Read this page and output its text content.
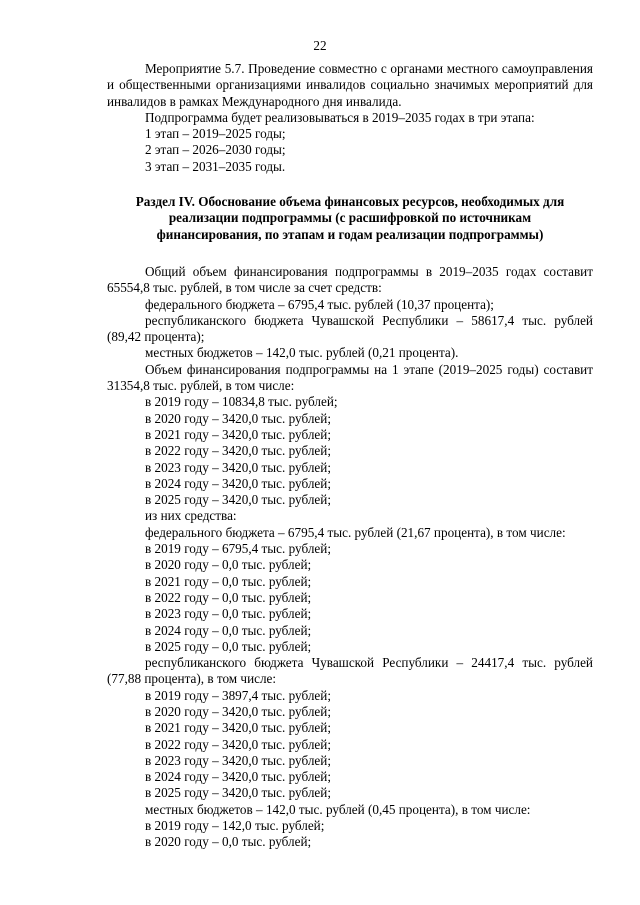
22

Мероприятие 5.7. Проведение совместно с органами местного самоуправления и общественными организациями инвалидов социально значимых мероприятий для инвалидов в рамках Международного дня инвалида.

Подпрограмма будет реализовываться в 2019–2035 годах в три этапа:

1 этап – 2019–2025 годы;

2 этап – 2026–2030 годы;

3 этап – 2031–2035 годы.

Раздел IV. Обоснование объема финансовых ресурсов, необходимых для реализации подпрограммы (с расшифровкой по источникам финансирования, по этапам и годам реализации подпрограммы)

Общий объем финансирования подпрограммы в 2019–2035 годах составит 65554,8 тыс. рублей, в том числе за счет средств:

федерального бюджета – 6795,4 тыс. рублей (10,37 процента);

республиканского бюджета Чувашской Республики – 58617,4 тыс. рублей (89,42 процента);

местных бюджетов – 142,0 тыс. рублей (0,21 процента).

Объем финансирования подпрограммы на 1 этапе (2019–2025 годы) составит 31354,8 тыс. рублей, в том числе:

в 2019 году – 10834,8 тыс. рублей;

в 2020 году – 3420,0 тыс. рублей;

в 2021 году – 3420,0 тыс. рублей;

в 2022 году – 3420,0 тыс. рублей;

в 2023 году – 3420,0 тыс. рублей;

в 2024 году – 3420,0 тыс. рублей;

в 2025 году – 3420,0 тыс. рублей;

из них средства:

федерального бюджета – 6795,4 тыс. рублей (21,67 процента), в том числе:

в 2019 году – 6795,4 тыс. рублей;

в 2020 году – 0,0 тыс. рублей;

в 2021 году – 0,0 тыс. рублей;

в 2022 году – 0,0 тыс. рублей;

в 2023 году – 0,0 тыс. рублей;

в 2024 году – 0,0 тыс. рублей;

в 2025 году – 0,0 тыс. рублей;

республиканского бюджета Чувашской Республики – 24417,4 тыс. рублей (77,88 процента), в том числе:

в 2019 году – 3897,4 тыс. рублей;

в 2020 году – 3420,0 тыс. рублей;

в 2021 году – 3420,0 тыс. рублей;

в 2022 году – 3420,0 тыс. рублей;

в 2023 году – 3420,0 тыс. рублей;

в 2024 году – 3420,0 тыс. рублей;

в 2025 году – 3420,0 тыс. рублей;

местных бюджетов – 142,0 тыс. рублей (0,45 процента), в том числе:

в 2019 году – 142,0 тыс. рублей;

в 2020 году – 0,0 тыс. рублей;
